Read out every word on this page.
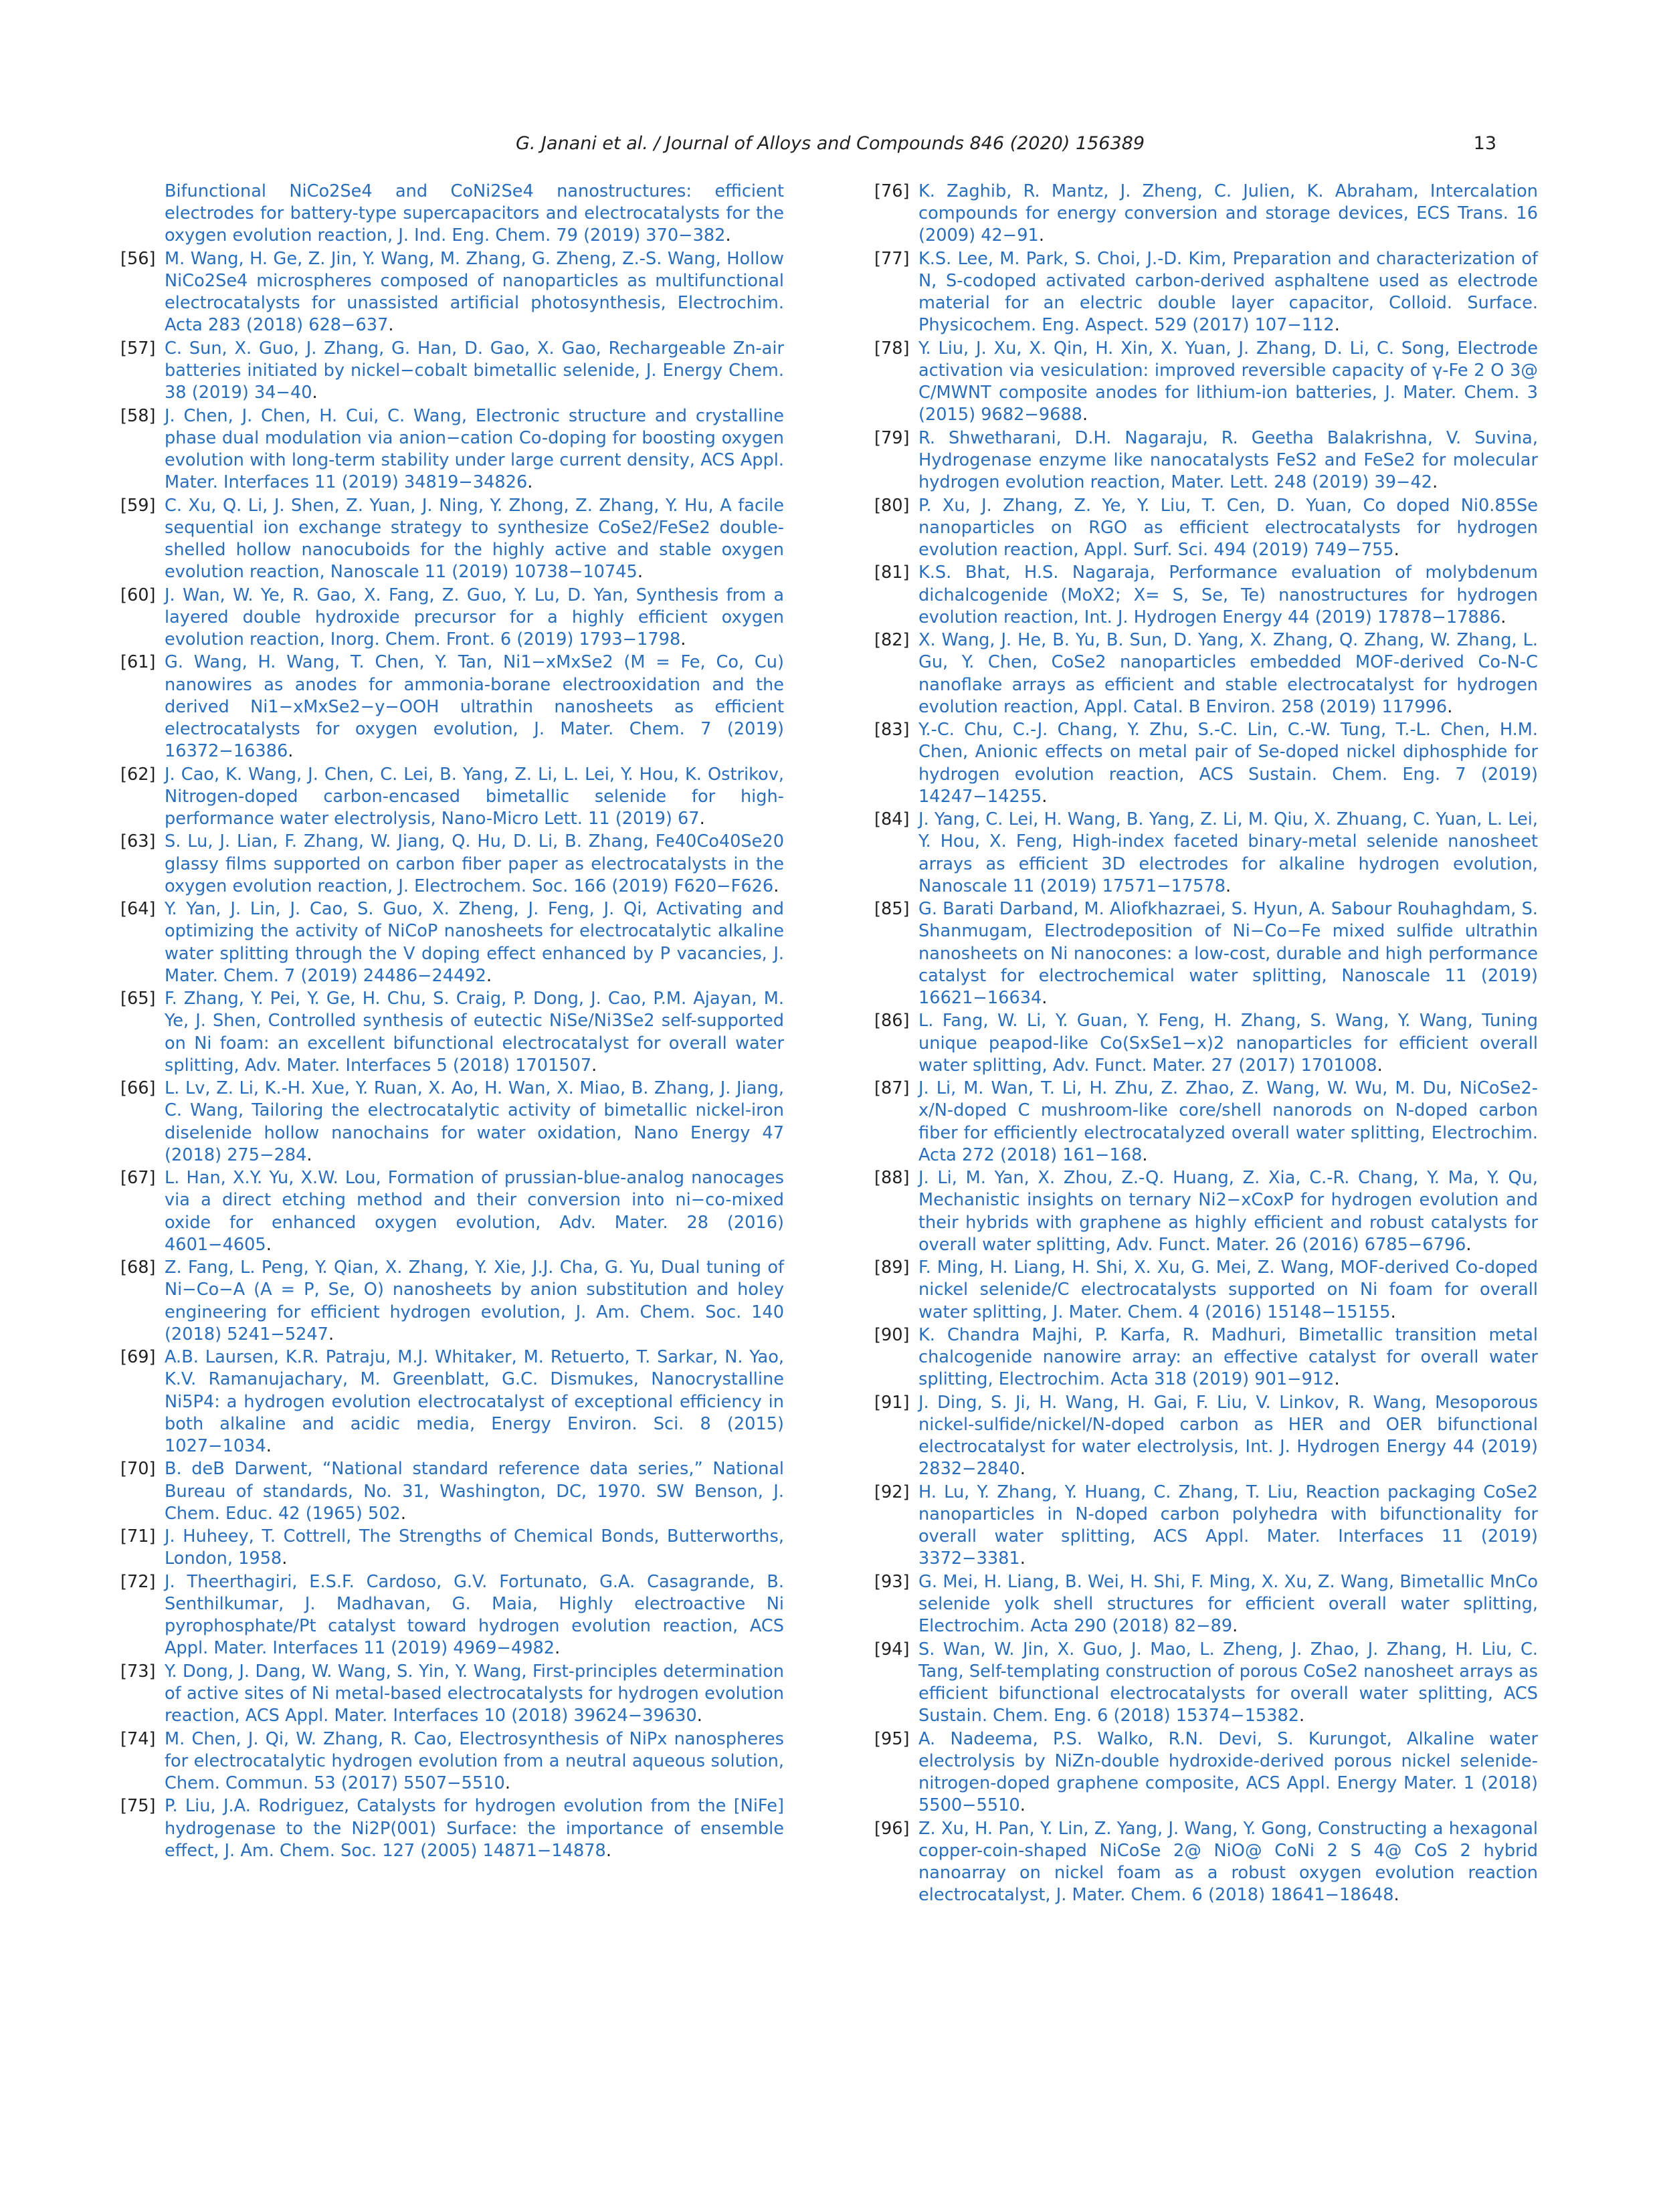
G. Janani et al. / Journal of Alloys and Compounds 846 (2020) 156389	13
Bifunctional NiCo2Se4 and CoNi2Se4 nanostructures: efficient electrodes for battery-type supercapacitors and electrocatalysts for the oxygen evolution reaction, J. Ind. Eng. Chem. 79 (2019) 370−382.
[56] M. Wang, H. Ge, Z. Jin, Y. Wang, M. Zhang, G. Zheng, Z.-S. Wang, Hollow NiCo2Se4 microspheres composed of nanoparticles as multifunctional electrocatalysts for unassisted artificial photosynthesis, Electrochim. Acta 283 (2018) 628−637.
[57] C. Sun, X. Guo, J. Zhang, G. Han, D. Gao, X. Gao, Rechargeable Zn-air batteries initiated by nickel−cobalt bimetallic selenide, J. Energy Chem. 38 (2019) 34−40.
[58] J. Chen, J. Chen, H. Cui, C. Wang, Electronic structure and crystalline phase dual modulation via anion−cation Co-doping for boosting oxygen evolution with long-term stability under large current density, ACS Appl. Mater. Interfaces 11 (2019) 34819−34826.
[59] C. Xu, Q. Li, J. Shen, Z. Yuan, J. Ning, Y. Zhong, Z. Zhang, Y. Hu, A facile sequential ion exchange strategy to synthesize CoSe2/FeSe2 double-shelled hollow nanocuboids for the highly active and stable oxygen evolution reaction, Nanoscale 11 (2019) 10738−10745.
[60] J. Wan, W. Ye, R. Gao, X. Fang, Z. Guo, Y. Lu, D. Yan, Synthesis from a layered double hydroxide precursor for a highly efficient oxygen evolution reaction, Inorg. Chem. Front. 6 (2019) 1793−1798.
[61] G. Wang, H. Wang, T. Chen, Y. Tan, Ni1−xMxSe2 (M = Fe, Co, Cu) nanowires as anodes for ammonia-borane electrooxidation and the derived Ni1−xMxSe2−y−OOH ultrathin nanosheets as efficient electrocatalysts for oxygen evolution, J. Mater. Chem. 7 (2019) 16372−16386.
[62] J. Cao, K. Wang, J. Chen, C. Lei, B. Yang, Z. Li, L. Lei, Y. Hou, K. Ostrikov, Nitrogen-doped carbon-encased bimetallic selenide for high-performance water electrolysis, Nano-Micro Lett. 11 (2019) 67.
[63] S. Lu, J. Lian, F. Zhang, W. Jiang, Q. Hu, D. Li, B. Zhang, Fe40Co40Se20 glassy films supported on carbon fiber paper as electrocatalysts in the oxygen evolution reaction, J. Electrochem. Soc. 166 (2019) F620−F626.
[64] Y. Yan, J. Lin, J. Cao, S. Guo, X. Zheng, J. Feng, J. Qi, Activating and optimizing the activity of NiCoP nanosheets for electrocatalytic alkaline water splitting through the V doping effect enhanced by P vacancies, J. Mater. Chem. 7 (2019) 24486−24492.
[65] F. Zhang, Y. Pei, Y. Ge, H. Chu, S. Craig, P. Dong, J. Cao, P.M. Ajayan, M. Ye, J. Shen, Controlled synthesis of eutectic NiSe/Ni3Se2 self-supported on Ni foam: an excellent bifunctional electrocatalyst for overall water splitting, Adv. Mater. Interfaces 5 (2018) 1701507.
[66] L. Lv, Z. Li, K.-H. Xue, Y. Ruan, X. Ao, H. Wan, X. Miao, B. Zhang, J. Jiang, C. Wang, Tailoring the electrocatalytic activity of bimetallic nickel-iron diselenide hollow nanochains for water oxidation, Nano Energy 47 (2018) 275−284.
[67] L. Han, X.Y. Yu, X.W. Lou, Formation of prussian-blue-analog nanocages via a direct etching method and their conversion into ni−co-mixed oxide for enhanced oxygen evolution, Adv. Mater. 28 (2016) 4601−4605.
[68] Z. Fang, L. Peng, Y. Qian, X. Zhang, Y. Xie, J.J. Cha, G. Yu, Dual tuning of Ni−Co−A (A = P, Se, O) nanosheets by anion substitution and holey engineering for efficient hydrogen evolution, J. Am. Chem. Soc. 140 (2018) 5241−5247.
[69] A.B. Laursen, K.R. Patraju, M.J. Whitaker, M. Retuerto, T. Sarkar, N. Yao, K.V. Ramanujachary, M. Greenblatt, G.C. Dismukes, Nanocrystalline Ni5P4: a hydrogen evolution electrocatalyst of exceptional efficiency in both alkaline and acidic media, Energy Environ. Sci. 8 (2015) 1027−1034.
[70] B. deB Darwent, “National standard reference data series,” National Bureau of standards, No. 31, Washington, DC, 1970. SW Benson, J. Chem. Educ. 42 (1965) 502.
[71] J. Huheey, T. Cottrell, The Strengths of Chemical Bonds, Butterworths, London, 1958.
[72] J. Theerthagiri, E.S.F. Cardoso, G.V. Fortunato, G.A. Casagrande, B. Senthilkumar, J. Madhavan, G. Maia, Highly electroactive Ni pyrophosphate/Pt catalyst toward hydrogen evolution reaction, ACS Appl. Mater. Interfaces 11 (2019) 4969−4982.
[73] Y. Dong, J. Dang, W. Wang, S. Yin, Y. Wang, First-principles determination of active sites of Ni metal-based electrocatalysts for hydrogen evolution reaction, ACS Appl. Mater. Interfaces 10 (2018) 39624−39630.
[74] M. Chen, J. Qi, W. Zhang, R. Cao, Electrosynthesis of NiPx nanospheres for electrocatalytic hydrogen evolution from a neutral aqueous solution, Chem. Commun. 53 (2017) 5507−5510.
[75] P. Liu, J.A. Rodriguez, Catalysts for hydrogen evolution from the [NiFe] hydrogenase to the Ni2P(001) Surface: the importance of ensemble effect, J. Am. Chem. Soc. 127 (2005) 14871−14878.
[76] K. Zaghib, R. Mantz, J. Zheng, C. Julien, K. Abraham, Intercalation compounds for energy conversion and storage devices, ECS Trans. 16 (2009) 42−91.
[77] K.S. Lee, M. Park, S. Choi, J.-D. Kim, Preparation and characterization of N, S-codoped activated carbon-derived asphaltene used as electrode material for an electric double layer capacitor, Colloid. Surface. Physicochem. Eng. Aspect. 529 (2017) 107−112.
[78] Y. Liu, J. Xu, X. Qin, H. Xin, X. Yuan, J. Zhang, D. Li, C. Song, Electrode activation via vesiculation: improved reversible capacity of γ-Fe 2 O 3@ C/MWNT composite anodes for lithium-ion batteries, J. Mater. Chem. 3 (2015) 9682−9688.
[79] R. Shwetharani, D.H. Nagaraju, R. Geetha Balakrishna, V. Suvina, Hydrogenase enzyme like nanocatalysts FeS2 and FeSe2 for molecular hydrogen evolution reaction, Mater. Lett. 248 (2019) 39−42.
[80] P. Xu, J. Zhang, Z. Ye, Y. Liu, T. Cen, D. Yuan, Co doped Ni0.85Se nanoparticles on RGO as efficient electrocatalysts for hydrogen evolution reaction, Appl. Surf. Sci. 494 (2019) 749−755.
[81] K.S. Bhat, H.S. Nagaraja, Performance evaluation of molybdenum dichalcogenide (MoX2; X= S, Se, Te) nanostructures for hydrogen evolution reaction, Int. J. Hydrogen Energy 44 (2019) 17878−17886.
[82] X. Wang, J. He, B. Yu, B. Sun, D. Yang, X. Zhang, Q. Zhang, W. Zhang, L. Gu, Y. Chen, CoSe2 nanoparticles embedded MOF-derived Co-N-C nanoflake arrays as efficient and stable electrocatalyst for hydrogen evolution reaction, Appl. Catal. B Environ. 258 (2019) 117996.
[83] Y.-C. Chu, C.-J. Chang, Y. Zhu, S.-C. Lin, C.-W. Tung, T.-L. Chen, H.M. Chen, Anionic effects on metal pair of Se-doped nickel diphosphide for hydrogen evolution reaction, ACS Sustain. Chem. Eng. 7 (2019) 14247−14255.
[84] J. Yang, C. Lei, H. Wang, B. Yang, Z. Li, M. Qiu, X. Zhuang, C. Yuan, L. Lei, Y. Hou, X. Feng, High-index faceted binary-metal selenide nanosheet arrays as efficient 3D electrodes for alkaline hydrogen evolution, Nanoscale 11 (2019) 17571−17578.
[85] G. Barati Darband, M. Aliofkhazraei, S. Hyun, A. Sabour Rouhaghdam, S. Shanmugam, Electrodeposition of Ni−Co−Fe mixed sulfide ultrathin nanosheets on Ni nanocones: a low-cost, durable and high performance catalyst for electrochemical water splitting, Nanoscale 11 (2019) 16621−16634.
[86] L. Fang, W. Li, Y. Guan, Y. Feng, H. Zhang, S. Wang, Y. Wang, Tuning unique peapod-like Co(SxSe1−x)2 nanoparticles for efficient overall water splitting, Adv. Funct. Mater. 27 (2017) 1701008.
[87] J. Li, M. Wan, T. Li, H. Zhu, Z. Zhao, Z. Wang, W. Wu, M. Du, NiCoSe2-x/N-doped C mushroom-like core/shell nanorods on N-doped carbon fiber for efficiently electrocatalyzed overall water splitting, Electrochim. Acta 272 (2018) 161−168.
[88] J. Li, M. Yan, X. Zhou, Z.-Q. Huang, Z. Xia, C.-R. Chang, Y. Ma, Y. Qu, Mechanistic insights on ternary Ni2−xCoxP for hydrogen evolution and their hybrids with graphene as highly efficient and robust catalysts for overall water splitting, Adv. Funct. Mater. 26 (2016) 6785−6796.
[89] F. Ming, H. Liang, H. Shi, X. Xu, G. Mei, Z. Wang, MOF-derived Co-doped nickel selenide/C electrocatalysts supported on Ni foam for overall water splitting, J. Mater. Chem. 4 (2016) 15148−15155.
[90] K. Chandra Majhi, P. Karfa, R. Madhuri, Bimetallic transition metal chalcogenide nanowire array: an effective catalyst for overall water splitting, Electrochim. Acta 318 (2019) 901−912.
[91] J. Ding, S. Ji, H. Wang, H. Gai, F. Liu, V. Linkov, R. Wang, Mesoporous nickel-sulfide/nickel/N-doped carbon as HER and OER bifunctional electrocatalyst for water electrolysis, Int. J. Hydrogen Energy 44 (2019) 2832−2840.
[92] H. Lu, Y. Zhang, Y. Huang, C. Zhang, T. Liu, Reaction packaging CoSe2 nanoparticles in N-doped carbon polyhedra with bifunctionality for overall water splitting, ACS Appl. Mater. Interfaces 11 (2019) 3372−3381.
[93] G. Mei, H. Liang, B. Wei, H. Shi, F. Ming, X. Xu, Z. Wang, Bimetallic MnCo selenide yolk shell structures for efficient overall water splitting, Electrochim. Acta 290 (2018) 82−89.
[94] S. Wan, W. Jin, X. Guo, J. Mao, L. Zheng, J. Zhao, J. Zhang, H. Liu, C. Tang, Self-templating construction of porous CoSe2 nanosheet arrays as efficient bifunctional electrocatalysts for overall water splitting, ACS Sustain. Chem. Eng. 6 (2018) 15374−15382.
[95] A. Nadeema, P.S. Walko, R.N. Devi, S. Kurungot, Alkaline water electrolysis by NiZn-double hydroxide-derived porous nickel selenide-nitrogen-doped graphene composite, ACS Appl. Energy Mater. 1 (2018) 5500−5510.
[96] Z. Xu, H. Pan, Y. Lin, Z. Yang, J. Wang, Y. Gong, Constructing a hexagonal copper-coin-shaped NiCoSe 2@ NiO@ CoNi 2 S 4@ CoS 2 hybrid nanoarray on nickel foam as a robust oxygen evolution reaction electrocatalyst, J. Mater. Chem. 6 (2018) 18641−18648.
